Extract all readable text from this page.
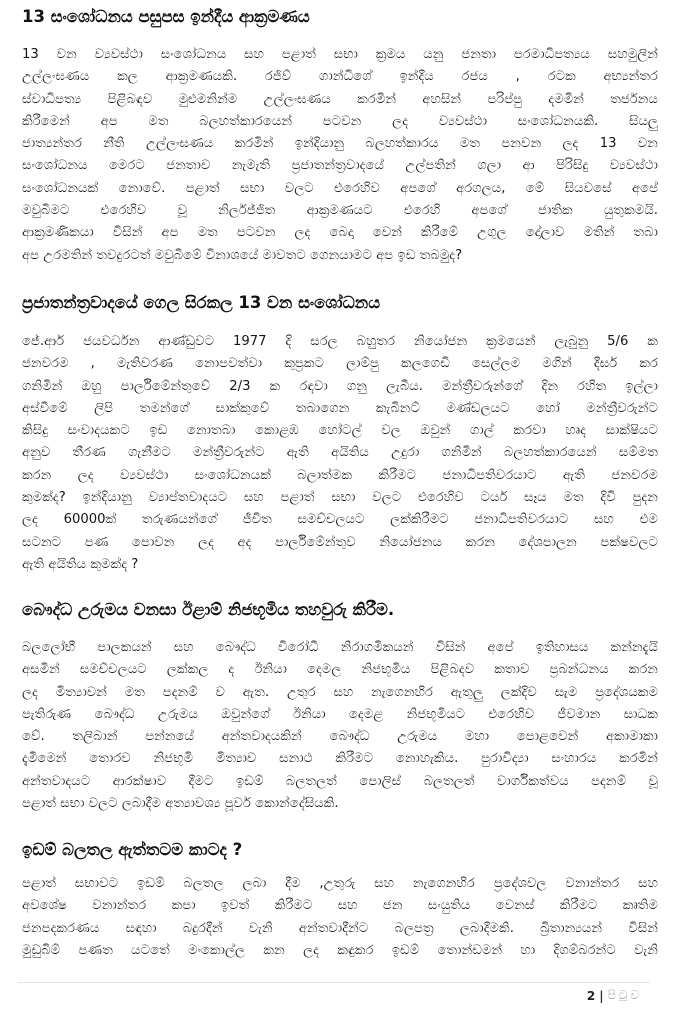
13 සංශෝධනය පසුපස ඉන්දීය ආක්‍රමණය

13 වන ව්‍යවස්ථා සංශෝධනය සහ පළාත් සභා ක්‍රමය යනු ජනතා පරමාධිපත්‍යය සහමුලින්
උල්ලංඝණය කල ආක්‍රමණයකි. රජිව් ගාන්ධිගේ ඉන්දීය රජය , රටක අභ්‍යන්තර
ස්වාධිපත්‍ය පිළිබඳව මුළුමනින්ම උල්ලංඝණය කරමින් අහසින් පරිප්පු දමමින් තර්ජනය
කිරීමෙන් අප මත බලහත්කාරයෙන් පටවන ලද ව්‍යවස්ථා සංශෝධනයකි. සියලු
ජාත්‍යන්තර නීති උල්ලංඝණය කරමින් ඉන්දියානු බලහත්කාරය මත පනවන ලද 13 වන
සංශෝධනය මෙරට ජනතාව නැමැති ප්‍රජාතන්ත්‍රවාදයේ උල්පතින් ගලා ආ පිරිසිදු ව්‍යවස්ථා
සංශෝධනයක් නොවේ. පළාත් සභා වලට එරෙහිව අපගේ අරගලය, මේ සියවසේ අපේ
මවුබිමට එරෙහිව වූ නිර්ලජ්ජිත ආක්‍රමණයට එරෙහි අපගේ ජාතික යුතුකමයි.
ආක්‍රමණිකයා විසින් අප මත පටවන ලද බෙදා වෙන් කිරීමේ උගුල දෝලාව මතින් තබා
අප උරමතින් තවදුරටත් මවුබිමේ විනාශයේ මාවතට ගෙනයාමට අප ඉඩ තබමුද?

ප්‍රජාතන්ත්‍රවාදයේ ගෙල සිරකල 13 වන සංශෝධනය

ජේ.ආර් ජයවර්ධන ආණ්ඩුවට 1977 දි සරල බහුතර නියෝජන ක්‍රමයෙන් ලැබුනු 5/6 ක
ජනවරම , මැතිවරණ නොපවත්වා කුප්‍රකට ලාම්පු කලගෙඩි සෙල්ලම මගින් දීර්ඝ කර
ගනිමින් ඔහු පාර්ලිමේන්තුවේ 2/3 ක රඳවා ගනු ලැබීය. මන්ත්‍රීවරුන්ගේ දින රහිත ඉල්ලා
අස්වීමේ ලිපි තමන්ගේ සාක්කුවේ තබාගෙන කැබිනට් මණ්ඩලයට හෝ මන්ත්‍රීවරුන්ට
කිසිදු සංවාදයකට ඉඩ නොතබා කොළඹ හෝටල් වල ඔවුන් ගාල් කරවා හෘද සාක්ෂියට
අනුව තීරණ ගැනීමට මන්ත්‍රීවරුන්ට ඇති අයිතිය උදුරා ගනිමින් බලහත්කාරයෙන් සම්මත
කරන ලද ව්‍යවස්ථා සංශෝධනයක් බලාත්මක කිරීමට ජනාධිපතිවරයාට ඇති ජනවරම
කුමක්ද? ඉන්දියානු ව්‍යාප්තවාදයට සහ පළාත් සභා වලට එරෙහිව ටයර් සෑය මත දිවි පුදන
ලද 60000ක් තරුණයන්ගේ ජීවිත සමච්චලයට ලක්කිරීමට ජනාධිපතිවරයාට සහ එම
සටනට පණ පොවන ලද අද පාර්ලිමේන්තුව නියෝජනය කරන දේශපාලන පක්ෂවලට
ඇති අයිතිය කුමක්ද ?

බෞද්ධ උරුමය වනසා ඊළාම් නිජභූමිය තහවුරු කිරීම.

බලලෝභී පාලකයන් සහ බෞද්ධ විරෝධී නිරාගමිකයන් විසින් අපේ ඉතිහාසය කන්නදැයි
අසමින් සමච්චලයට ලක්කල ද ඊනියා දෙමල නිජභූමිය පිළිබදව කතාව ප්‍රබන්ධනය කරන
ලද මිත්‍යාවන් මත පදනම් ව ඇත. උතුර සහ නැගෙනහිර ඇතුලු ලක්දිව සැම ප්‍රදේශයකම
පැතිරුණ බෞද්ධ උරුමය ඔවුන්ගේ ඊනියා දෙමළ නිජභූමියට එරෙහිව ජීවමාන සාධක
වේ. තලිබාන් පන්නයේ අන්තවාදයකින් බෞද්ධ උරුමය මහා පොළවෙන් අකාමාකා
දැමීමෙන් තොරව නිජභූමි මිත්‍යාව සනාථ කිරීමට නොහැකිය. පුරාවිද්‍යා සංහාරය කරමින්
අන්තවාදයට ආරක්ෂාව දීමට ඉඩම් බලතලත් පොලිස් බලතලත් වාර්ගිකත්වය පදනම් වූ
පළාත් සභා වලට ලබාදීම අත්‍යාවශ්‍ය පූර්ව කොන්දේසියකි.

ඉඩම් බලතල ඇත්තටම කාටද ?

පළාත් සභාවට ඉඩම් බලතල ලබා දීම ,උතුරු සහ නැගෙනහිර ප්‍රදේශවල වනාන්තර සහ
අවශේෂ වනාන්තර කපා ඉවත් කිරීමට සහ ජන සංයුතිය වෙනස් කිරීමට කෘතිම
ජනපදකරණය සඳහා බදුරදීන් වැනි අන්තවාදීන්ට බලපත්‍ර ලබාදීමකි. බ්‍රිතාන්‍යයන් විසින්
මුඩුබිම් පණත යටතේ මංකොල්ල කන ලද කඳුකර ඉඩම් තොන්ඩමන් හා දිගම්බරන්ට වැනි

2 | පිටුව
